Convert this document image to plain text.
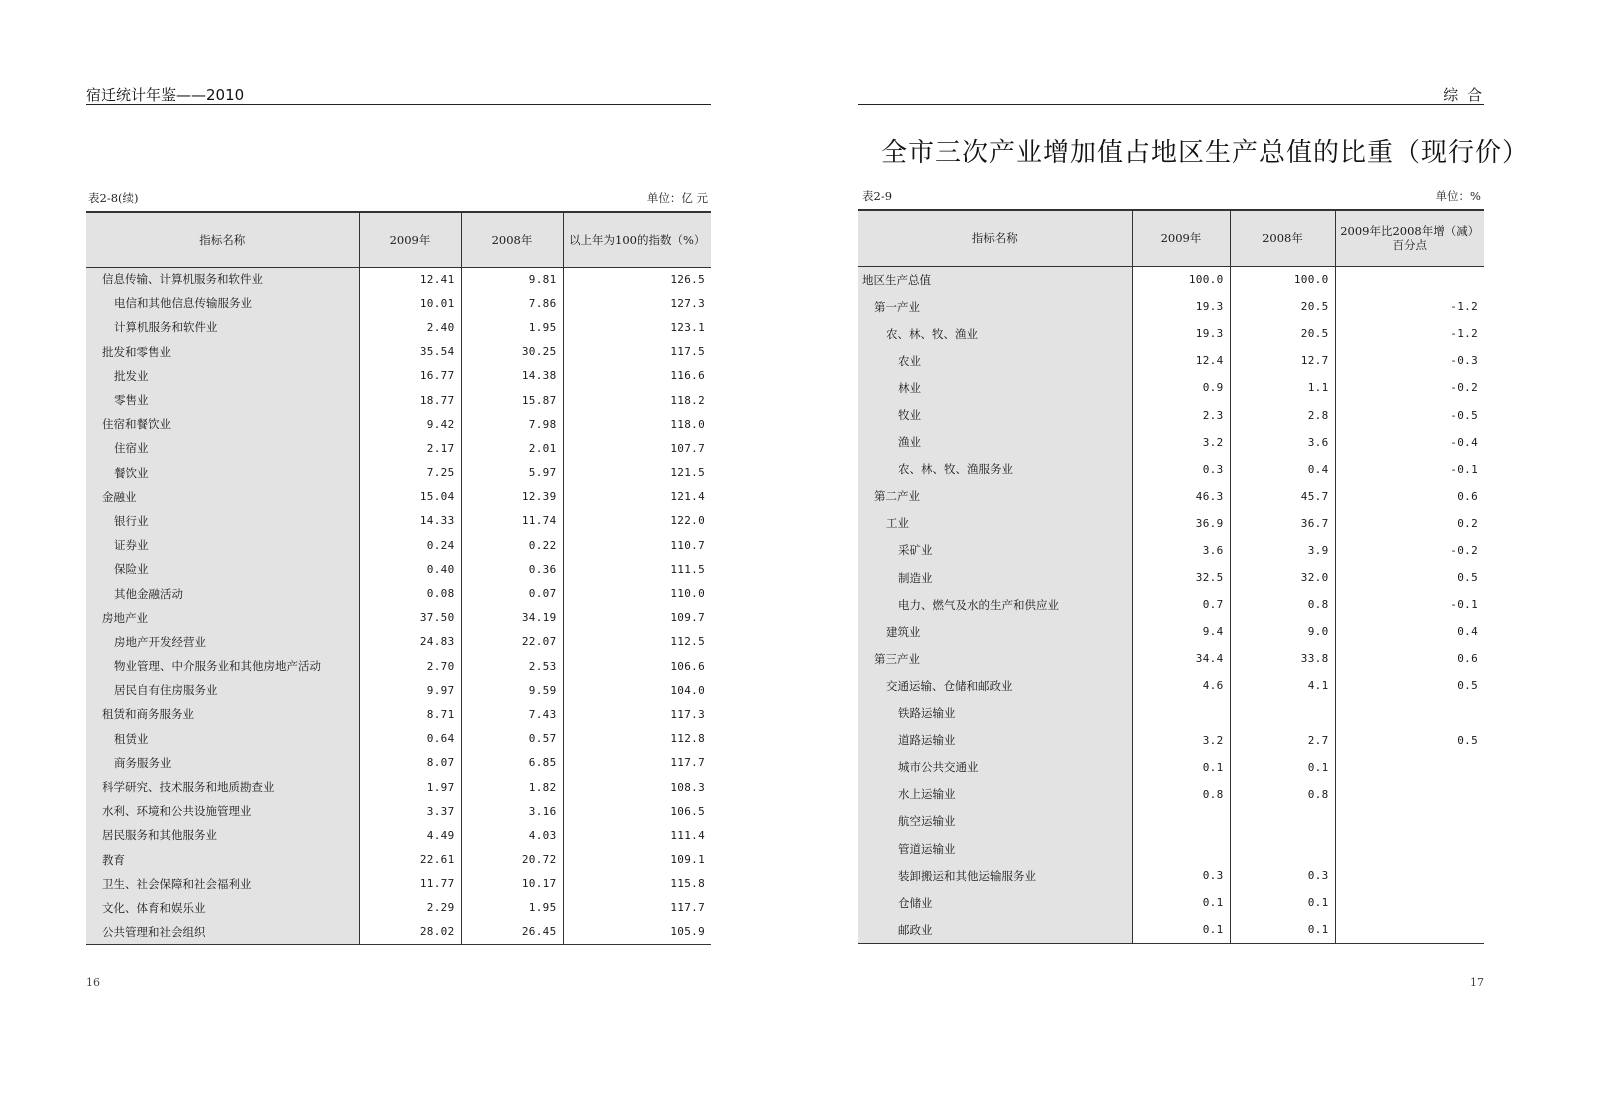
宿迁统计年鉴——2010
表2-8(续)	单位：亿 元
指标名称	2009年	2008年	以上年为100的指数（%）
信息传输、计算机服务和软件业	12.41	9.81	126.5
电信和其他信息传输服务业	10.01	7.86	127.3
计算机服务和软件业	2.40	1.95	123.1
批发和零售业	35.54	30.25	117.5
批发业	16.77	14.38	116.6
零售业	18.77	15.87	118.2
住宿和餐饮业	9.42	7.98	118.0
住宿业	2.17	2.01	107.7
餐饮业	7.25	5.97	121.5
金融业	15.04	12.39	121.4
银行业	14.33	11.74	122.0
证券业	0.24	0.22	110.7
保险业	0.40	0.36	111.5
其他金融活动	0.08	0.07	110.0
房地产业	37.50	34.19	109.7
房地产开发经营业	24.83	22.07	112.5
物业管理、中介服务业和其他房地产活动	2.70	2.53	106.6
居民自有住房服务业	9.97	9.59	104.0
租赁和商务服务业	8.71	7.43	117.3
租赁业	0.64	0.57	112.8
商务服务业	8.07	6.85	117.7
科学研究、技术服务和地质勘查业	1.97	1.82	108.3
水利、环境和公共设施管理业	3.37	3.16	106.5
居民服务和其他服务业	4.49	4.03	111.4
教育	22.61	20.72	109.1
卫生、社会保障和社会福利业	11.77	10.17	115.8
文化、体育和娱乐业	2.29	1.95	117.7
公共管理和社会组织	28.02	26.45	105.9
16
综 合
全市三次产业增加值占地区生产总值的比重（现行价）
表2-9	单位：%
指标名称	2009年	2008年	2009年比2008年增（减）百分点
地区生产总值	100.0	100.0	
第一产业	19.3	20.5	-1.2
农、林、牧、渔业	19.3	20.5	-1.2
农业	12.4	12.7	-0.3
林业	0.9	1.1	-0.2
牧业	2.3	2.8	-0.5
渔业	3.2	3.6	-0.4
农、林、牧、渔服务业	0.3	0.4	-0.1
第二产业	46.3	45.7	0.6
工业	36.9	36.7	0.2
采矿业	3.6	3.9	-0.2
制造业	32.5	32.0	0.5
电力、燃气及水的生产和供应业	0.7	0.8	-0.1
建筑业	9.4	9.0	0.4
第三产业	34.4	33.8	0.6
交通运输、仓储和邮政业	4.6	4.1	0.5
铁路运输业			
道路运输业	3.2	2.7	0.5
城市公共交通业	0.1	0.1	
水上运输业	0.8	0.8	
航空运输业			
管道运输业			
装卸搬运和其他运输服务业	0.3	0.3	
仓储业	0.1	0.1	
邮政业	0.1	0.1	
17
